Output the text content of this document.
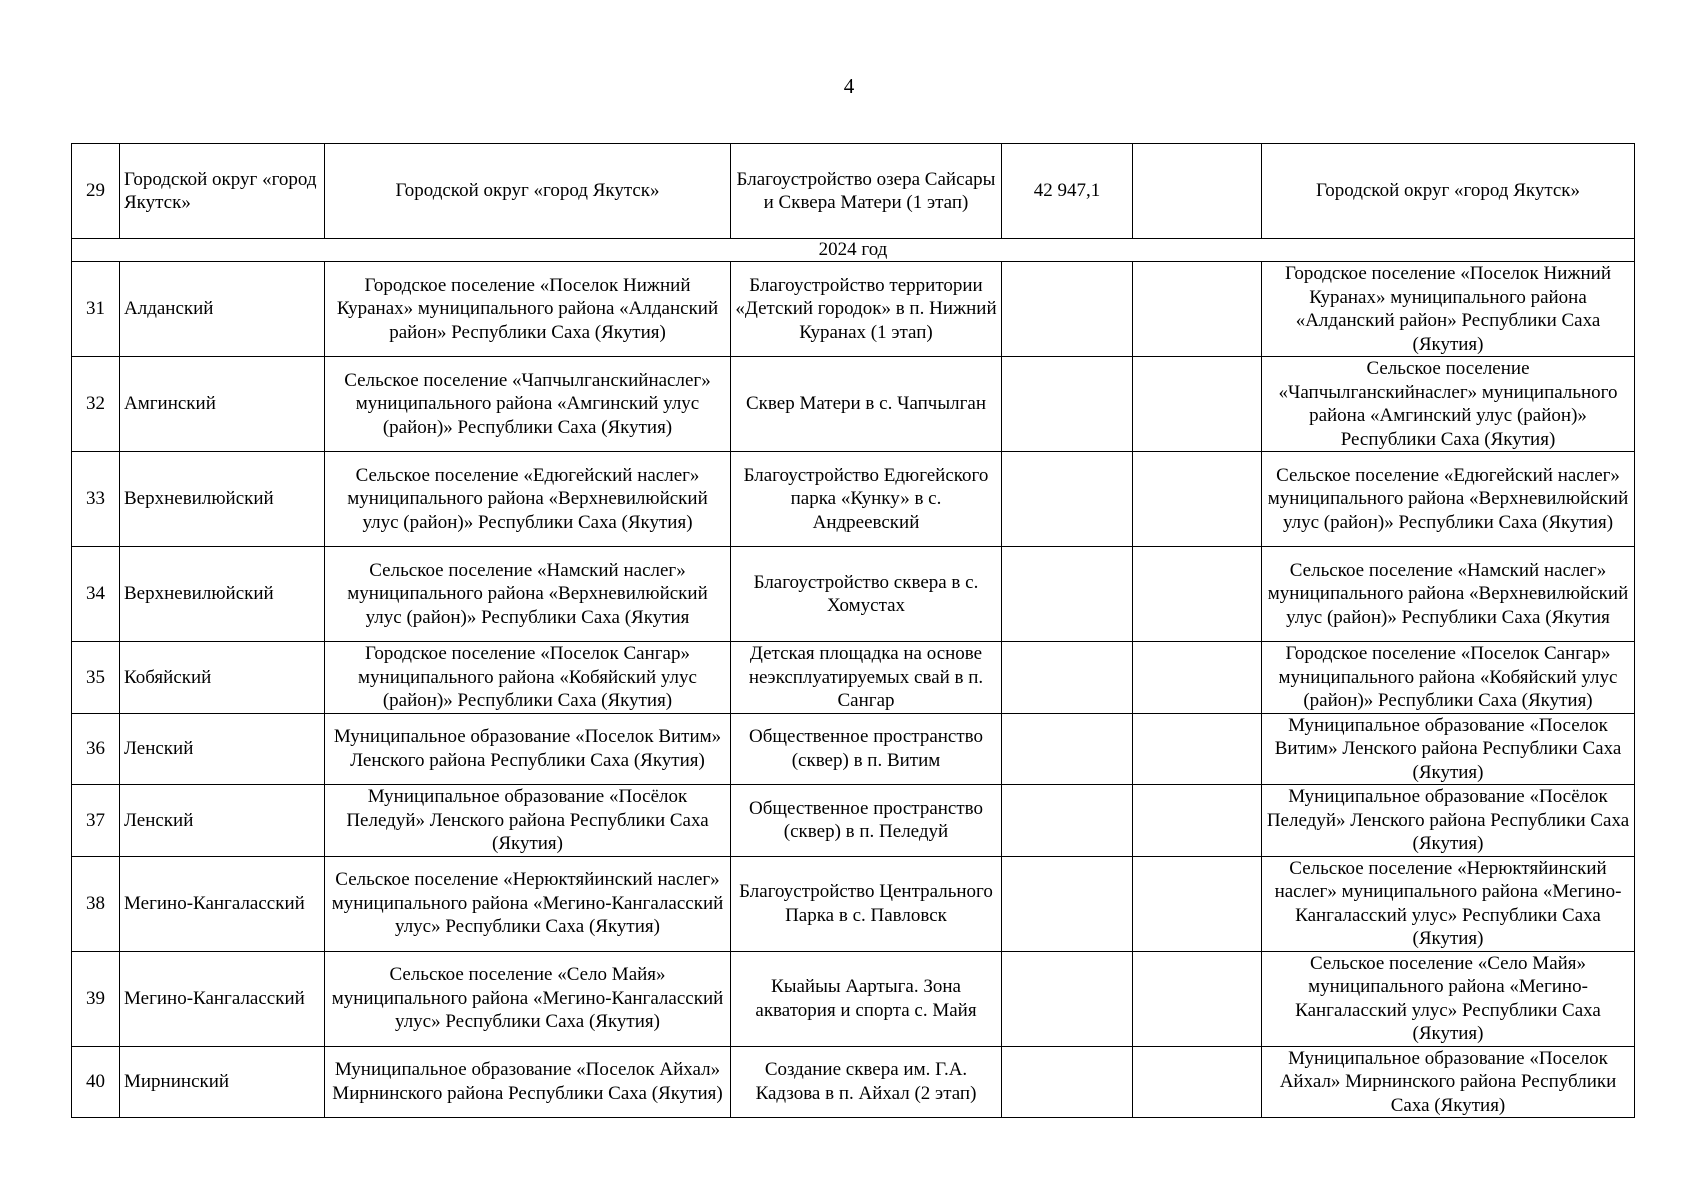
4
29	Городской округ «город Якутск»	Городской округ «город Якутск»	Благоустройство озера Сайсары и Сквера Матери (1 этап)	42 947,1		Городской округ «город Якутск»
2024 год						
31	Алданский	Городское поселение «Поселок Нижний Куранах» муниципального района «Алданский район» Республики Саха (Якутия)	Благоустройство территории «Детский городок» в п. Нижний Куранах (1 этап)			Городское поселение «Поселок Нижний Куранах» муниципального района «Алданский район» Республики Саха (Якутия)
32	Амгинский	Сельское поселение «Чапчылганскийнаслег» муниципального района «Амгинский улус (район)» Республики Саха (Якутия)	Сквер Матери в с. Чапчылган			Сельское поселение «Чапчылганскийнаслег» муниципального района «Амгинский улус (район)» Республики Саха (Якутия)
33	Верхневилюйский	Сельское поселение «Едюгейский наслег» муниципального района «Верхневилюйский улус (район)» Республики Саха (Якутия)	Благоустройство Едюгейского парка «Кунку» в с. Андреевский			Сельское поселение «Едюгейский наслег» муниципального района «Верхневилюйский улус (район)» Республики Саха (Якутия)
34	Верхневилюйский	Сельское поселение «Намский наслег» муниципального района «Верхневилюйский улус (район)» Республики Саха (Якутия	Благоустройство сквера в с. Хомустах			Сельское поселение «Намский наслег» муниципального района «Верхневилюйский улус (район)» Республики Саха (Якутия
35	Кобяйский	Городское поселение «Поселок Сангар» муниципального района «Кобяйский улус (район)» Республики Саха (Якутия)	Детская площадка на основе неэксплуатируемых свай в п. Сангар			Городское поселение «Поселок Сангар» муниципального района «Кобяйский улус (район)» Республики Саха (Якутия)
36	Ленский	Муниципальное образование «Поселок Витим» Ленского района Республики Саха (Якутия)	Общественное пространство (сквер) в п. Витим			Муниципальное образование «Поселок Витим» Ленского района Республики Саха (Якутия)
37	Ленский	Муниципальное образование «Посёлок Пеледуй» Ленского района Республики Саха (Якутия)	Общественное пространство (сквер) в п. Пеледуй			Муниципальное образование «Посёлок Пеледуй» Ленского района Республики Саха (Якутия)
38	Мегино-Кангаласский	Сельское поселение «Нерюктяйинский наслег» муниципального района «Мегино-Кангаласский улус» Республики Саха (Якутия)	Благоустройство Центрального Парка в с. Павловск			Сельское поселение «Нерюктяйинский наслег» муниципального района «Мегино-Кангаласский улус» Республики Саха (Якутия)
39	Мегино-Кангаласский	Сельское поселение «Село Майя» муниципального района «Мегино-Кангаласский улус» Республики Саха (Якутия)	Кыайыы Аартыга. Зона акватория и спорта с. Майя			Сельское поселение «Село Майя» муниципального района «Мегино-Кангаласский улус» Республики Саха (Якутия)
40	Мирнинский	Муниципальное образование «Поселок Айхал» Мирнинского района Республики Саха (Якутия)	Создание сквера им. Г.А. Кадзова в п. Айхал (2 этап)			Муниципальное образование «Поселок Айхал» Мирнинского района Республики Саха (Якутия)
